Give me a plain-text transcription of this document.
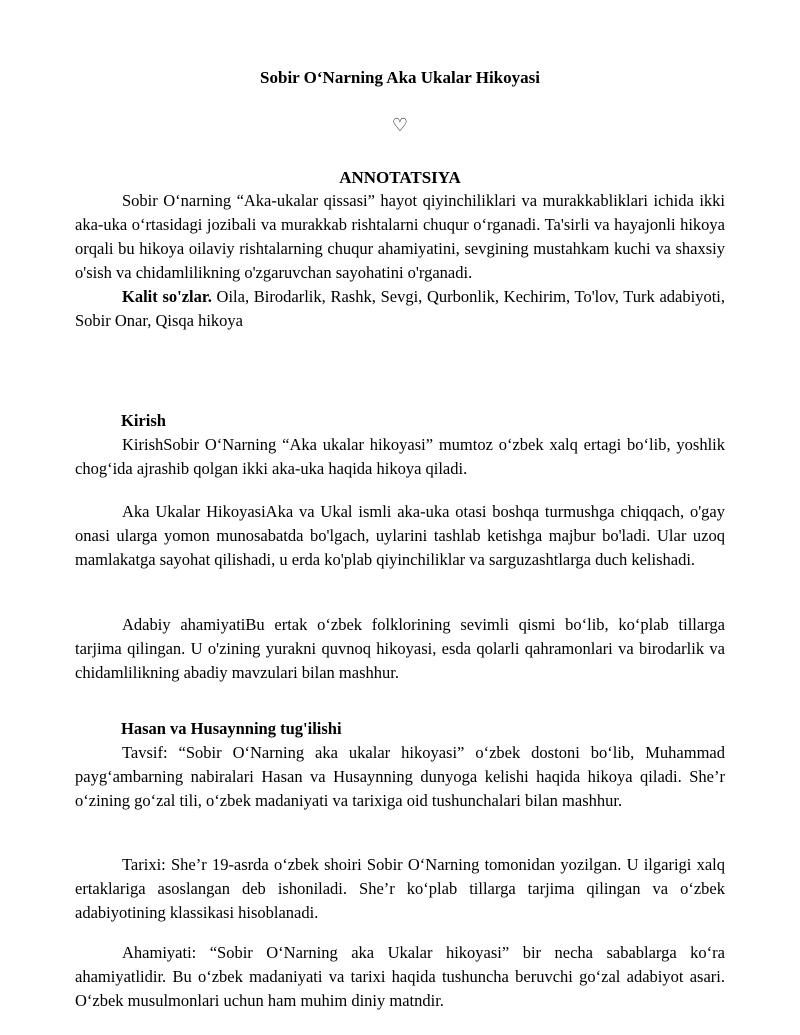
Sobir O‘Narning Aka Ukalar Hikoyasi
♡
ANNOTATSIYA

Sobir O‘narning “Aka-ukalar qissasi” hayot qiyinchiliklari va murakkabliklari ichida ikki aka-uka o‘rtasidagi jozibali va murakkab rishtalarni chuqur o‘rganadi. Ta'sirli va hayajonli hikoya orqali bu hikoya oilaviy rishtalarning chuqur ahamiyatini, sevgining mustahkam kuchi va shaxsiy o'sish va chidamlilikning o'zgaruvchan sayohatini o'rganadi.

Kalit so'zlar. Oila, Birodarlik, Rashk, Sevgi, Qurbonlik, Kechirim, To'lov, Turk adabiyoti, Sobir Onar, Qisqa hikoya

Kirish

KirishSobir O‘Narning “Aka ukalar hikoyasi” mumtoz o‘zbek xalq ertagi bo‘lib, yoshlik chog‘ida ajrashib qolgan ikki aka-uka haqida hikoya qiladi.

Aka Ukalar HikoyasiAka va Ukal ismli aka-uka otasi boshqa turmushga chiqqach, o'gay onasi ularga yomon munosabatda bo'lgach, uylarini tashlab ketishga majbur bo'ladi. Ular uzoq mamlakatga sayohat qilishadi, u erda ko'plab qiyinchiliklar va sarguzashtlarga duch kelishadi.

Adabiy ahamiyatiBu ertak o‘zbek folklorining sevimli qismi bo‘lib, ko‘plab tillarga tarjima qilingan. U o'zining yurakni quvnoq hikoyasi, esda qolarli qahramonlari va birodarlik va chidamlilikning abadiy mavzulari bilan mashhur.

Hasan va Husaynning tug'ilishi

Tavsif: “Sobir O‘Narning aka ukalar hikoyasi” o‘zbek dostoni bo‘lib, Muhammad payg‘ambarning nabiralari Hasan va Husaynning dunyoga kelishi haqida hikoya qiladi. She’r o‘zining go‘zal tili, o‘zbek madaniyati va tarixiga oid tushunchalari bilan mashhur.

Tarixi: She’r 19-asrda o‘zbek shoiri Sobir O‘Narning tomonidan yozilgan. U ilgarigi xalq ertaklariga asoslangan deb ishoniladi. She’r ko‘plab tillarga tarjima qilingan va o‘zbek adabiyotining klassikasi hisoblanadi.

Ahamiyati: “Sobir O‘Narning aka Ukalar hikoyasi” bir necha sabablarga ko‘ra ahamiyatlidir. Bu o‘zbek madaniyati va tarixi haqida tushuncha beruvchi go‘zal adabiyot asari. O‘zbek musulmonlari uchun ham muhim diniy matndir.
